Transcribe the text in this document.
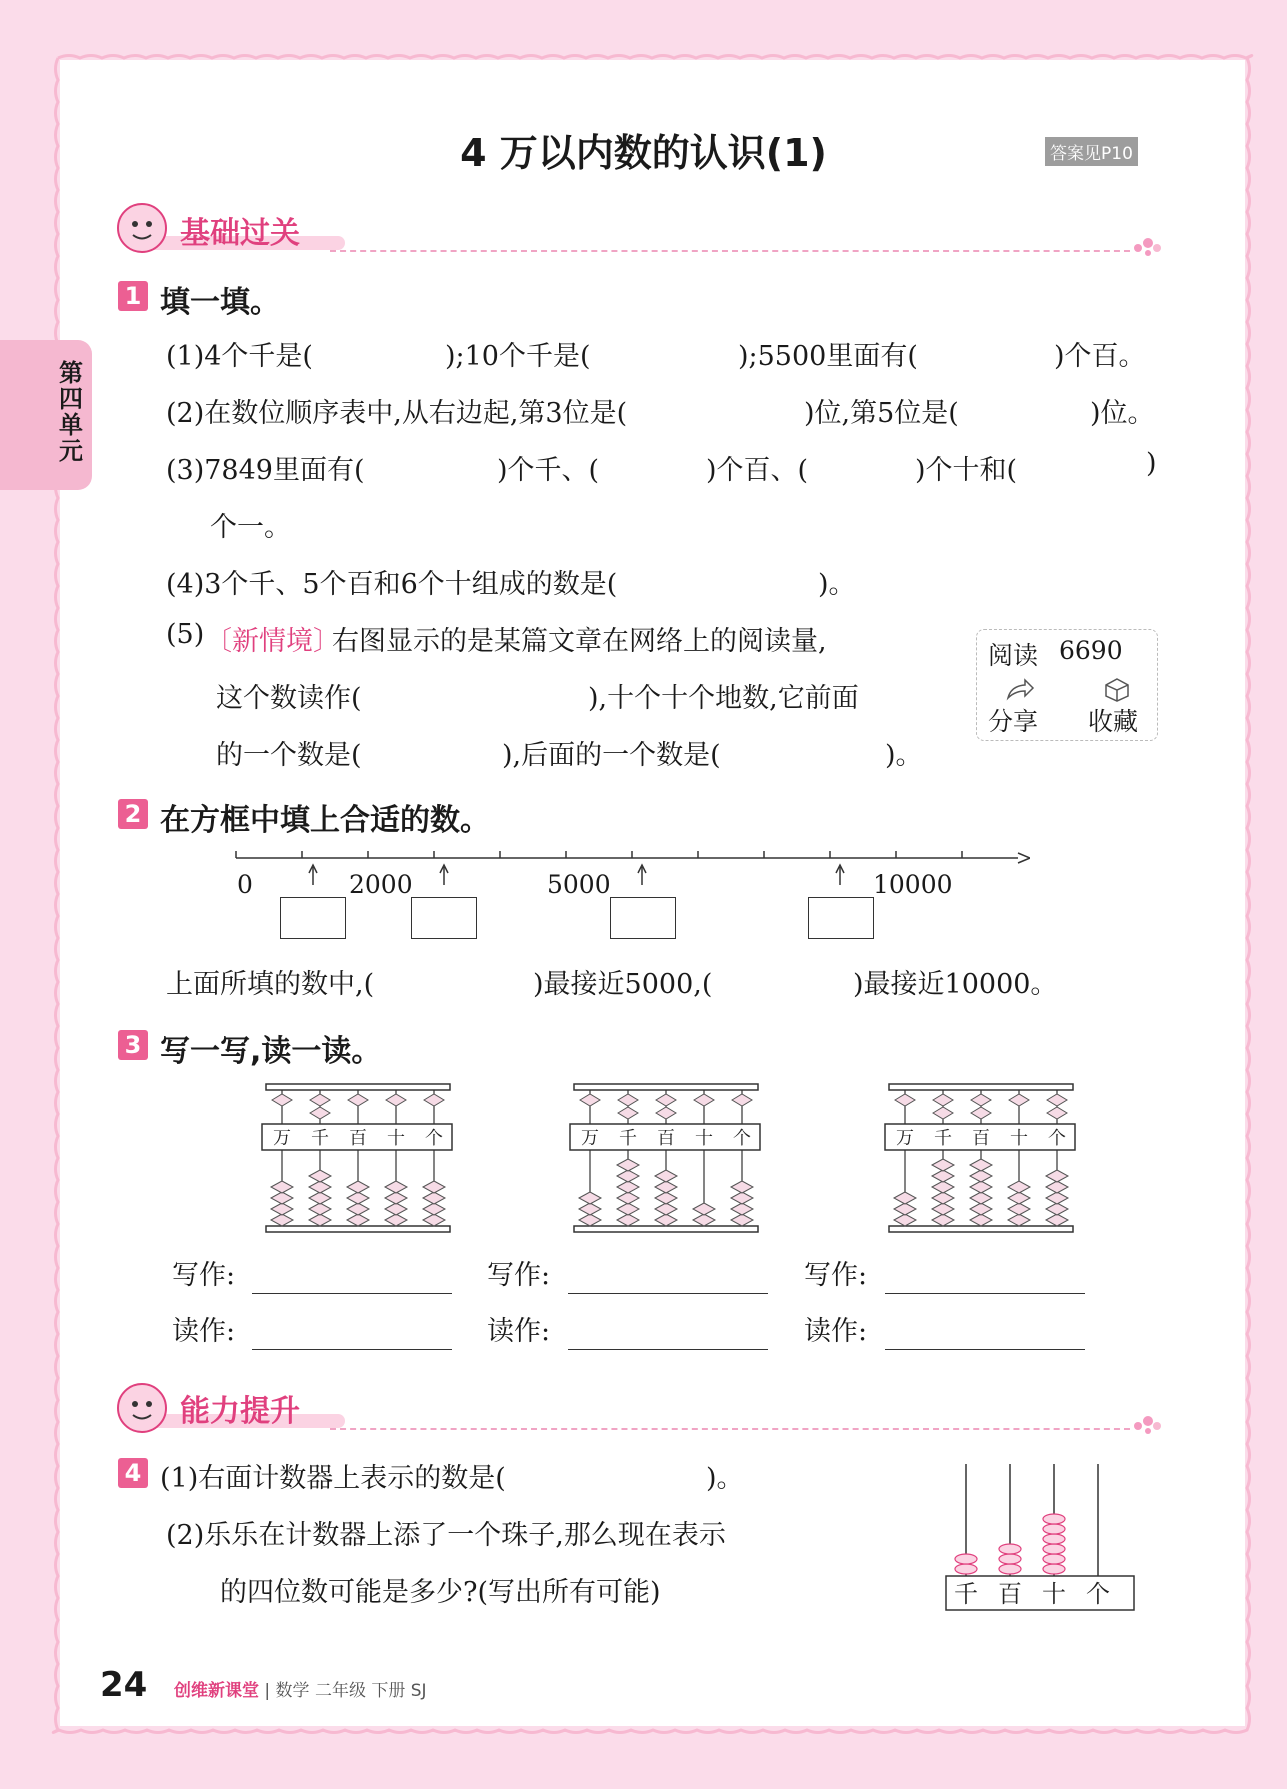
第四单元
4 万以内数的认识(1)	答案见P10
基础过关
1 填一填。
(1)4个千是(	);10个千是(	);5500里面有(	)个百。
(2)在数位顺序表中,从右边起,第3位是(	)位,第5位是(	)位。
(3)7849里面有(	)个千、(	)个百、(	)个十和(	)
个一。
(4)3个千、5个百和6个十组成的数是(	)。
(5) 〔新情境〕
右图显示的是某篇文章在网络上的阅读量,
这个数读作(	),十个十个地数,它前面
的一个数是(	),后面的一个数是(	)。
阅读 6690
分享 收藏
2 在方框中填上合适的数。
0	2000	5000	10000
上面所填的数中,(	)最接近5000,(	)最接近10000。
3 写一写,读一读。
万 千 百 十 个	万 千 百 十 个	万 千 百 十 个
写作:	写作:	写作:
读作:	读作:	读作:
能力提升
4 (1)右面计数器上表示的数是(	)。
(2)乐乐在计数器上添了一个珠子,那么现在表示
的四位数可能是多少?(写出所有可能)	千 百 十 个
24 创维新课堂 | 数学 二年级 下册 SJ
